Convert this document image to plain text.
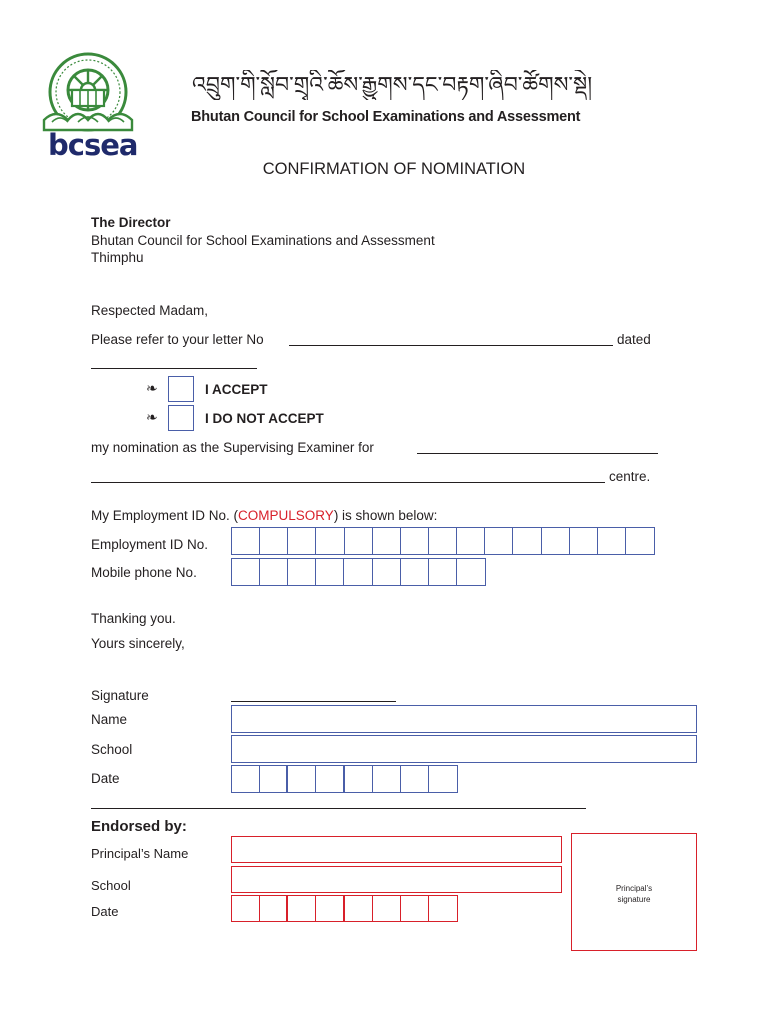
bcsea
འབྲུག་གི་སློབ་གྲྭའི་ཆོས་རྒྱུགས་དང་བརྟག་ཞིབ་ཚོགས་སྡེ།
Bhutan Council for School Examinations and Assessment
CONFIRMATION OF NOMINATION
The Director
Bhutan Council for School Examinations and Assessment
Thimphu
Respected Madam,
Please refer to your letter No	dated
❧	I ACCEPT
❧	I DO NOT ACCEPT
my nomination as the Supervising Examiner for
centre.
My Employment ID No. (COMPULSORY) is shown below:
Employment ID No.
Mobile phone No.
Thanking you.
Yours sincerely,
Signature
Name
School
Date
Endorsed by:
Principal’s Name
School
Date
Principal’s signature
